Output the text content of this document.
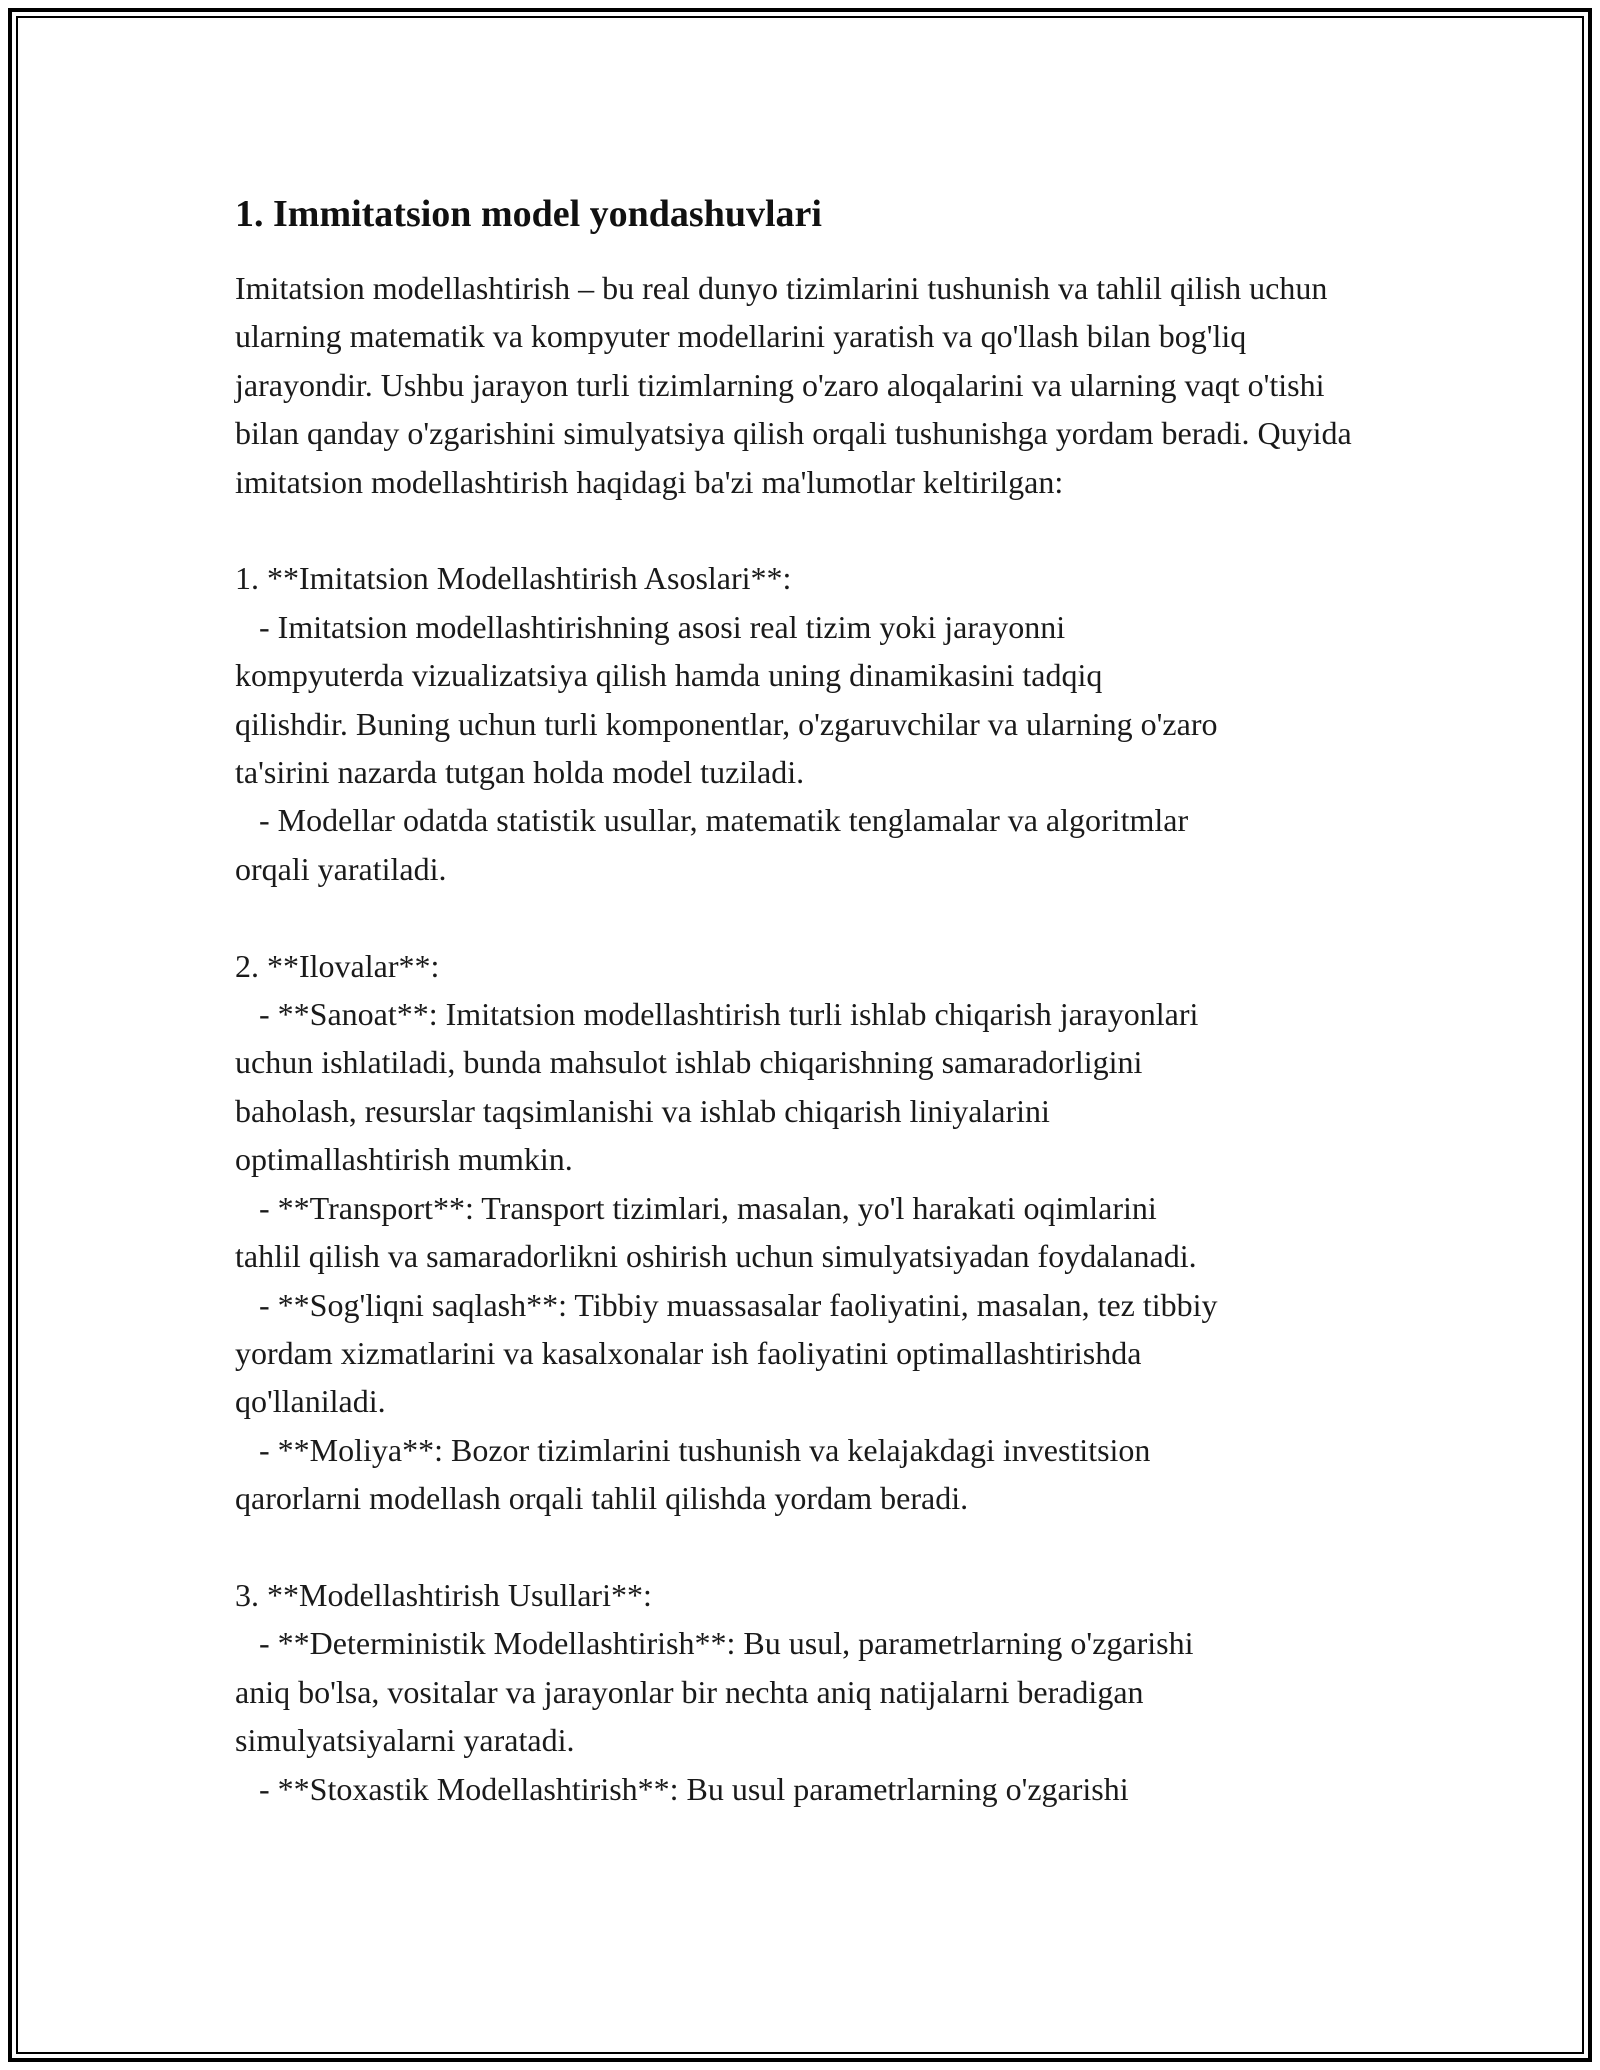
1. Immitatsion model yondashuvlari

Imitatsion modellashtirish – bu real dunyo tizimlarini tushunish va tahlil qilish uchun ularning matematik va kompyuter modellarini yaratish va qo'llash bilan bog'liq jarayondir. Ushbu jarayon turli tizimlarning o'zaro aloqalarini va ularning vaqt o'tishi bilan qanday o'zgarishini simulyatsiya qilish orqali tushunishga yordam beradi. Quyida imitatsion modellashtirish haqidagi ba'zi ma'lumotlar keltirilgan:

1. **Imitatsion Modellashtirish Asoslari**:
- Imitatsion modellashtirishning asosi real tizim yoki jarayonni
kompyuterda vizualizatsiya qilish hamda uning dinamikasini tadqiq
qilishdir. Buning uchun turli komponentlar, o'zgaruvchilar va ularning o'zaro
ta'sirini nazarda tutgan holda model tuziladi.
- Modellar odatda statistik usullar, matematik tenglamalar va algoritmlar
orqali yaratiladi.
2. **Ilovalar**:
- **Sanoat**: Imitatsion modellashtirish turli ishlab chiqarish jarayonlari
uchun ishlatiladi, bunda mahsulot ishlab chiqarishning samaradorligini
baholash, resurslar taqsimlanishi va ishlab chiqarish liniyalarini
optimallashtirish mumkin.
- **Transport**: Transport tizimlari, masalan, yo'l harakati oqimlarini
tahlil qilish va samaradorlikni oshirish uchun simulyatsiyadan foydalanadi.
- **Sog'liqni saqlash**: Tibbiy muassasalar faoliyatini, masalan, tez tibbiy
yordam xizmatlarini va kasalxonalar ish faoliyatini optimallashtirishda
qo'llaniladi.
- **Moliya**: Bozor tizimlarini tushunish va kelajakdagi investitsion
qarorlarni modellash orqali tahlil qilishda yordam beradi.
3. **Modellashtirish Usullari**:
- **Deterministik Modellashtirish**: Bu usul, parametrlarning o'zgarishi
aniq bo'lsa, vositalar va jarayonlar bir nechta aniq natijalarni beradigan
simulyatsiyalarni yaratadi.
- **Stoxastik Modellashtirish**: Bu usul parametrlarning o'zgarishi
